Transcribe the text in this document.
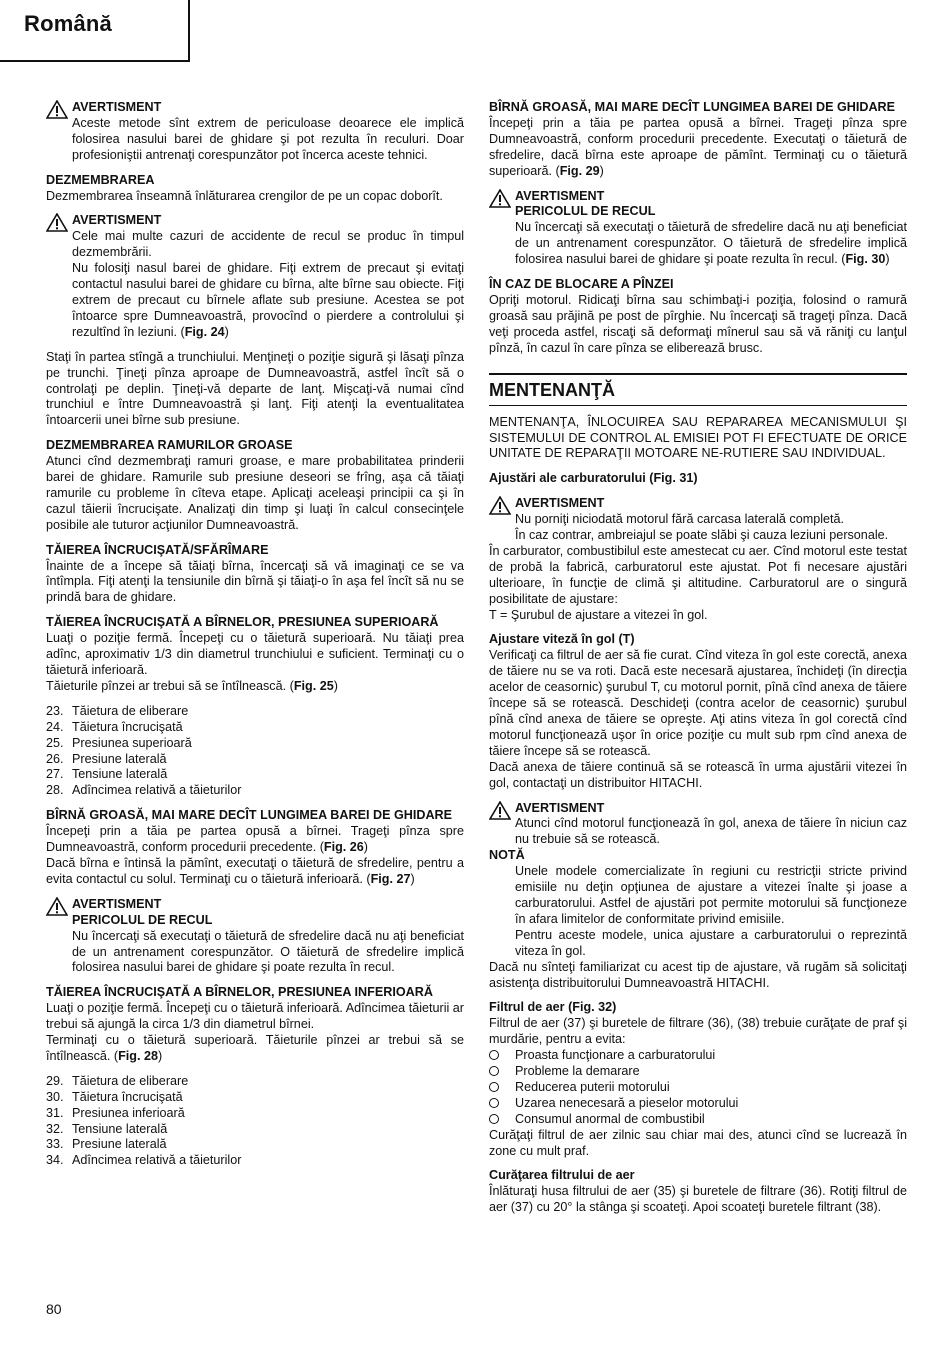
Română
AVERTISMENT

Aceste metode sînt extrem de periculoase deoarece ele implică folosirea nasului barei de ghidare şi pot rezulta în reculuri. Doar profesioniştii antrenaţi corespunzător pot încerca aceste tehnici.

DEZMEMBRAREA

Dezmembrarea înseamnă înlăturarea crengilor de pe un copac doborît.

AVERTISMENT

Cele mai multe cazuri de accidente de recul se produc în timpul dezmembrării.

Nu folosiţi nasul barei de ghidare. Fiţi extrem de precaut şi evitaţi contactul nasului barei de ghidare cu bîrna, alte bîrne sau obiecte. Fiţi extrem de precaut cu bîrnele aflate sub presiune. Acestea se pot întoarce spre Dumneavoastră, provocînd o pierdere a controlului şi rezultînd în leziuni. (Fig. 24)

Staţi în partea stîngă a trunchiului. Menţineţi o poziţie sigură şi lăsaţi pînza pe trunchi. Ţineţi pînza aproape de Dumneavoastră, astfel încît să o controlaţi pe deplin. Ţineţi-vă departe de lanţ. Mişcaţi-vă numai cînd trunchiul e între Dumneavoastră şi lanţ. Fiţi atenţi la eventualitatea întoarcerii unei bîrne sub presiune.

DEZMEMBRAREA RAMURILOR GROASE

Atunci cînd dezmembraţi ramuri groase, e mare probabilitatea prinderii barei de ghidare. Ramurile sub presiune deseori se frîng, aşa că tăiaţi ramurile cu probleme în cîteva etape. Aplicaţi aceleaşi principii ca şi în cazul tăierii încrucişate. Analizaţi din timp şi luaţi în calcul consecinţele posibile ale tuturor acţiunilor Dumneavoastră.

TĂIEREA ÎNCRUCIŞATĂ/SFĂRÎMARE

Înainte de a începe să tăiaţi bîrna, încercaţi să vă imaginaţi ce se va întîmpla. Fiţi atenţi la tensiunile din bîrnă şi tăiaţi-o în aşa fel încît să nu se prindă bara de ghidare.

TĂIEREA ÎNCRUCIŞATĂ A BÎRNELOR, PRESIUNEA SUPERIOARĂ

Luaţi o poziţie fermă. Începeţi cu o tăietură superioară. Nu tăiaţi prea adînc, aproximativ 1/3 din diametrul trunchiului e suficient. Terminaţi cu o tăietură inferioară.

Tăieturile pînzei ar trebui să se întîlnească. (Fig. 25)

23. Tăietura de eliberare
24. Tăietura încrucişată
25. Presiunea superioară
26. Presiune laterală
27. Tensiune laterală
28. Adîncimea relativă a tăieturilor
BÎRNĂ GROASĂ, MAI MARE DECÎT LUNGIMEA BAREI DE GHIDARE

Începeţi prin a tăia pe partea opusă a bîrnei. Trageţi pînza spre Dumneavoastră, conform procedurii precedente. (Fig. 26)

Dacă bîrna e întinsă la pămînt, executaţi o tăietură de sfredelire, pentru a evita contactul cu solul. Terminaţi cu o tăietură inferioară. (Fig. 27)

AVERTISMENT
PERICOLUL DE RECUL

Nu încercaţi să executaţi o tăietură de sfredelire dacă nu aţi beneficiat de un antrenament corespunzător. O tăietură de sfredelire implică folosirea nasului barei de ghidare şi poate rezulta în recul.

TĂIEREA ÎNCRUCIŞATĂ A BÎRNELOR, PRESIUNEA INFERIOARĂ

Luaţi o poziţie fermă. Începeţi cu o tăietură inferioară. Adîncimea tăieturii ar trebui să ajungă la circa 1/3 din diametrul bîrnei.

Terminaţi cu o tăietură superioară. Tăieturile pînzei ar trebui să se întîlnească. (Fig. 28)

29. Tăietura de eliberare
30. Tăietura încrucişată
31. Presiunea inferioară
32. Tensiune laterală
33. Presiune laterală
34. Adîncimea relativă a tăieturilor
BÎRNĂ GROASĂ, MAI MARE DECÎT LUNGIMEA BAREI DE GHIDARE

Începeţi prin a tăia pe partea opusă a bîrnei. Trageţi pînza spre Dumneavoastră, conform procedurii precedente. Executaţi o tăietură de sfredelire, dacă bîrna este aproape de pămînt. Terminaţi cu o tăietură superioară. (Fig. 29)

AVERTISMENT
PERICOLUL DE RECUL

Nu încercaţi să executaţi o tăietură de sfredelire dacă nu aţi beneficiat de un antrenament corespunzător. O tăietură de sfredelire implică folosirea nasului barei de ghidare şi poate rezulta în recul. (Fig. 30)

ÎN CAZ DE BLOCARE A PÎNZEI

Opriţi motorul. Ridicaţi bîrna sau schimbaţi-i poziţia, folosind o ramură groasă sau prăjină pe post de pîrghie. Nu încercaţi să trageţi pînza. Dacă veţi proceda astfel, riscaţi să deformaţi mînerul sau să vă răniţi cu lanţul pînză, în cazul în care pînza se eliberează brusc.

MENTENANŢĂ

MENTENANŢA, ÎNLOCUIREA SAU REPARAREA MECANISMULUI ŞI SISTEMULUI DE CONTROL AL EMISIEI POT FI EFECTUATE DE ORICE UNITATE DE REPARAŢII MOTOARE NE-RUTIERE SAU INDIVIDUAL.

Ajustări ale carburatorului (Fig. 31)
AVERTISMENT

Nu porniţi niciodată motorul fără carcasa laterală completă.

În caz contrar, ambreiajul se poate slăbi şi cauza leziuni personale.

În carburator, combustibilul este amestecat cu aer. Cînd motorul este testat de probă la fabrică, carburatorul este ajustat. Pot fi necesare ajustări ulterioare, în funcţie de climă şi altitudine. Carburatorul are o singură posibilitate de ajustare:

T = Şurubul de ajustare a vitezei în gol.

Ajustare viteză în gol (T)

Verificaţi ca filtrul de aer să fie curat. Cînd viteza în gol este corectă, anexa de tăiere nu se va roti. Dacă este necesară ajustarea, închideţi (în direcţia acelor de ceasornic) şurubul T, cu motorul pornit, pînă cînd anexa de tăiere începe să se rotească. Deschideţi (contra acelor de ceasornic) şurubul pînă cînd anexa de tăiere se opreşte. Aţi atins viteza în gol corectă cînd motorul funcţionează uşor în orice poziţie cu mult sub rpm cînd anexa de tăiere începe să se rotească.

Dacă anexa de tăiere continuă să se rotească în urma ajustării vitezei în gol, contactaţi un distribuitor HITACHI.

AVERTISMENT

Atunci cînd motorul funcţionează în gol, anexa de tăiere în niciun caz nu trebuie să se rotească.

NOTĂ

Unele modele comercializate în regiuni cu restricţii stricte privind emisiile nu deţin opţiunea de ajustare a vitezei înalte şi joase a carburatorului. Astfel de ajustări pot permite motorului să funcţioneze în afara limitelor de conformitate privind emisiile.

Pentru aceste modele, unica ajustare a carburatorului o reprezintă viteza în gol.

Dacă nu sînteţi familiarizat cu acest tip de ajustare, vă rugăm să solicitaţi asistenţa distribuitorului Dumneavoastră HITACHI.

Filtrul de aer (Fig. 32)

Filtrul de aer (37) şi buretele de filtrare (36), (38) trebuie curăţate de praf şi murdărie, pentru a evita:

Proasta funcţionare a carburatorului
Probleme la demarare
Reducerea puterii motorului
Uzarea nenecesară a pieselor motorului
Consumul anormal de combustibil

Curăţaţi filtrul de aer zilnic sau chiar mai des, atunci cînd se lucrează în zone cu mult praf.

Curăţarea filtrului de aer

Înlăturaţi husa filtrului de aer (35) şi buretele de filtrare (36). Rotiţi filtrul de aer (37) cu 20° la stânga şi scoateţi. Apoi scoateţi buretele filtrant (38).

80
